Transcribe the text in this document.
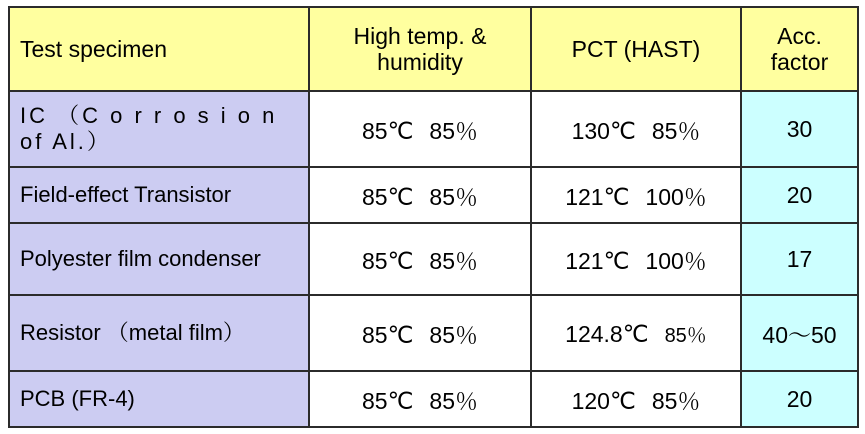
Test specimen	High temp. & humidity	PCT (HAST)	Acc. factor
IC （C o r r o s i o n of Al.）	85℃ 85％	130℃ 85％	30
Field-effect Transistor	85℃ 85％	121℃ 100％	20
Polyester film condenser	85℃ 85％	121℃ 100％	17
Resistor （metal film）	85℃ 85％	124.8℃ 85％	40～50
PCB (FR-4)	85℃ 85％	120℃ 85％	20
